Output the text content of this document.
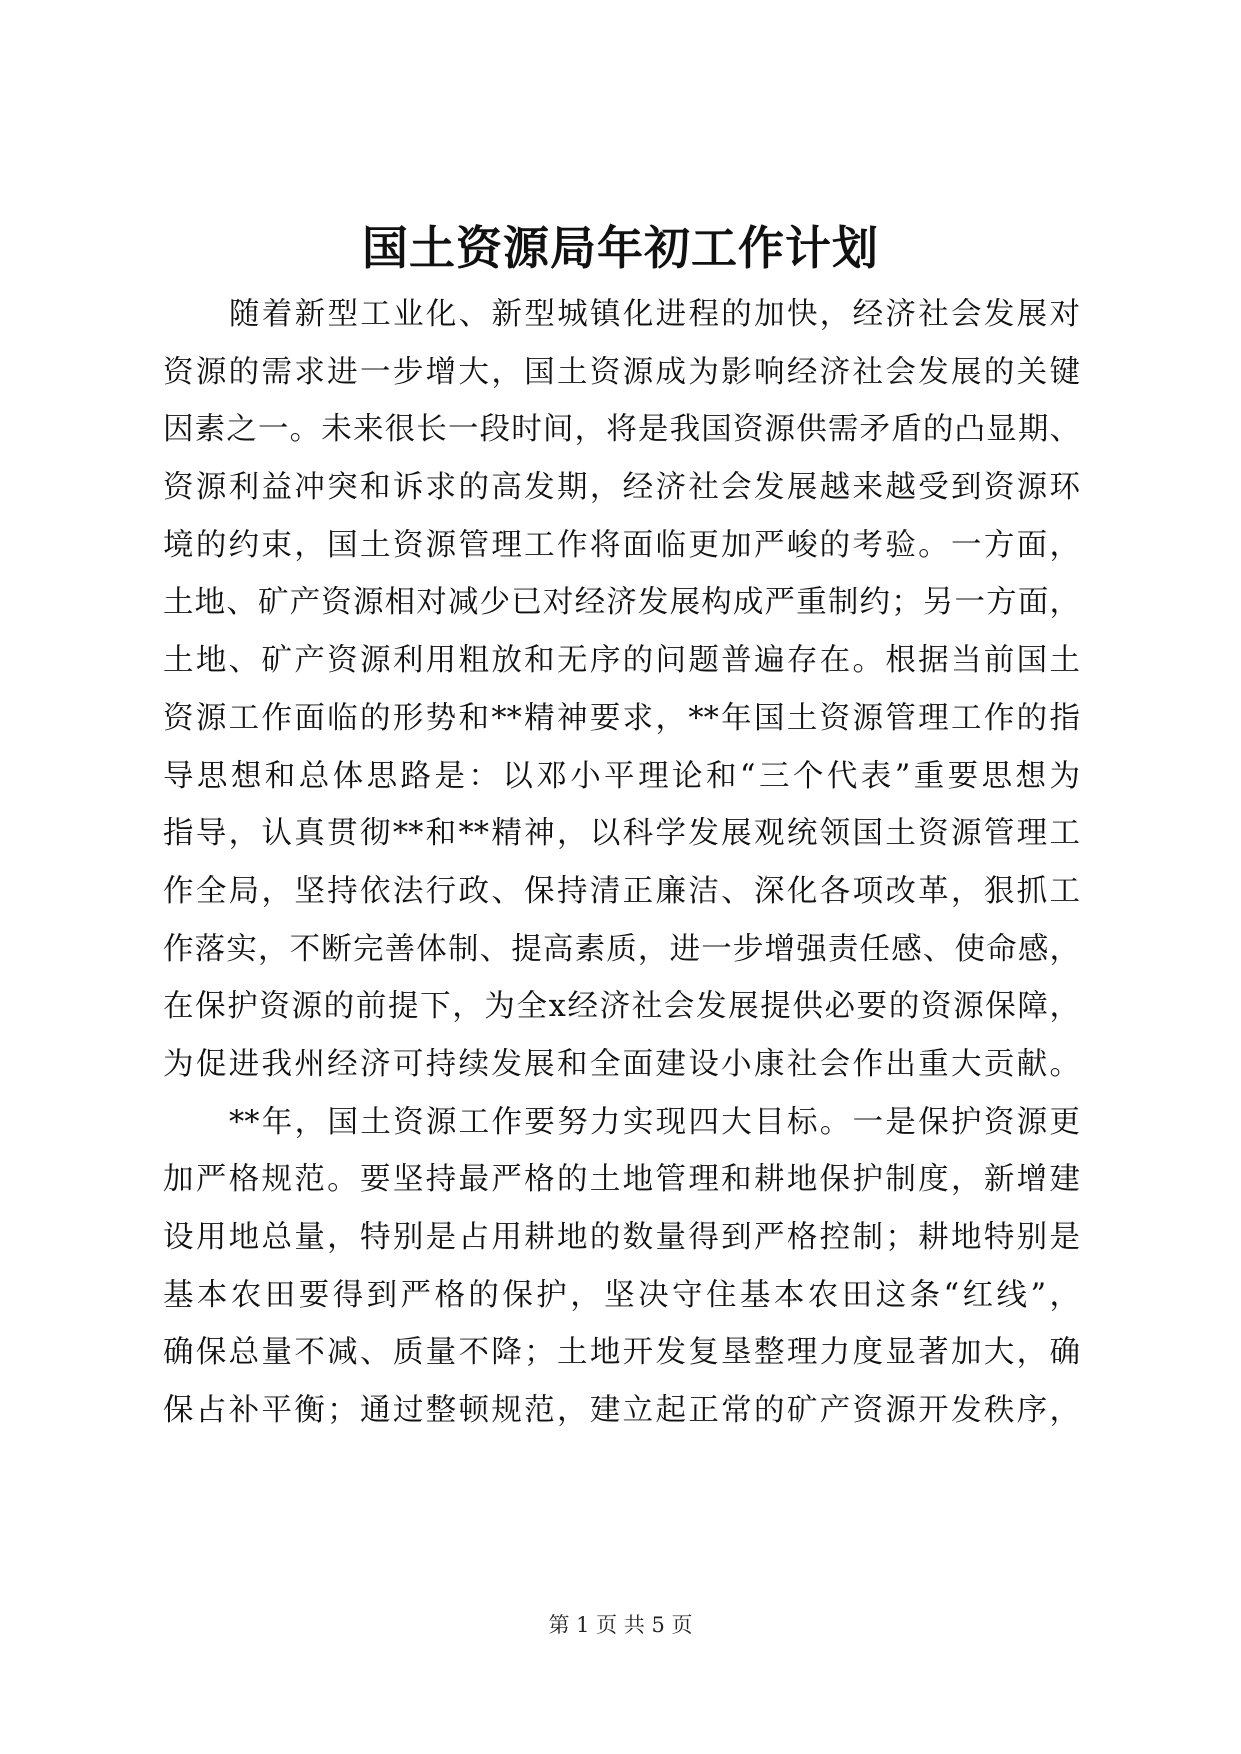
国土资源局年初工作计划
随着新型工业化、新型城镇化进程的加快，经济社会发展对
资源的需求进一步增大，国土资源成为影响经济社会发展的关键
因素之一。未来很长一段时间，将是我国资源供需矛盾的凸显期、
资源利益冲突和诉求的高发期，经济社会发展越来越受到资源环
境的约束，国土资源管理工作将面临更加严峻的考验。一方面，
土地、矿产资源相对减少已对经济发展构成严重制约；另一方面，
土地、矿产资源利用粗放和无序的问题普遍存在。根据当前国土
资源工作面临的形势和**精神要求，**年国土资源管理工作的指
导思想和总体思路是：以邓小平理论和“三个代表”重要思想为
指导，认真贯彻**和**精神，以科学发展观统领国土资源管理工
作全局，坚持依法行政、保持清正廉洁、深化各项改革，狠抓工
作落实，不断完善体制、提高素质，进一步增强责任感、使命感，
在保护资源的前提下，为全x经济社会发展提供必要的资源保障，
为促进我州经济可持续发展和全面建设小康社会作出重大贡献。
**年，国土资源工作要努力实现四大目标。一是保护资源更
加严格规范。要坚持最严格的土地管理和耕地保护制度，新增建
设用地总量，特别是占用耕地的数量得到严格控制；耕地特别是
基本农田要得到严格的保护，坚决守住基本农田这条“红线”，
确保总量不减、质量不降；土地开发复垦整理力度显著加大，确
保占补平衡；通过整顿规范，建立起正常的矿产资源开发秩序，
第 1 页 共 5 页
